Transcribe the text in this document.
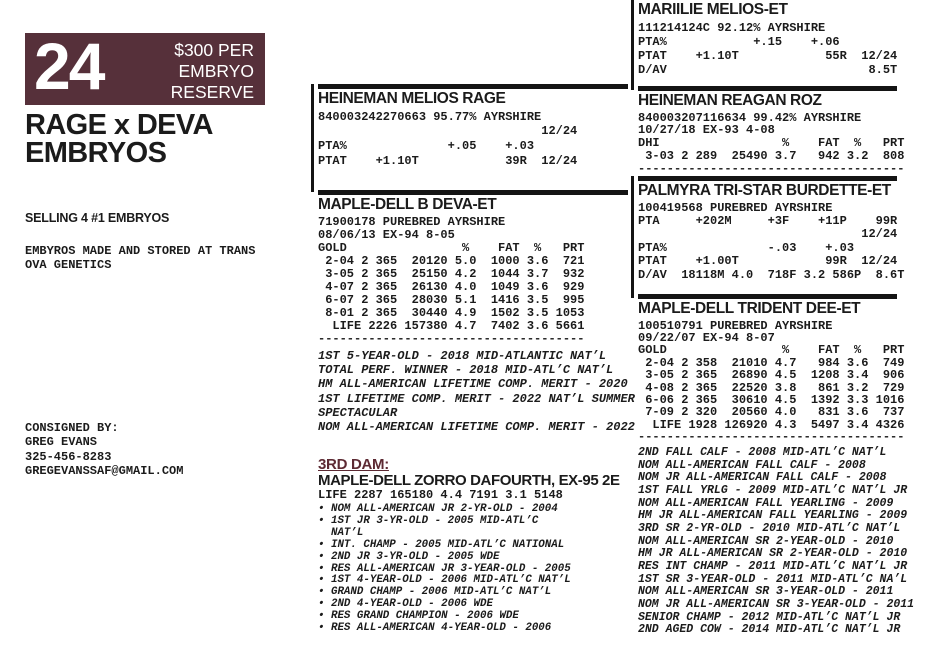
24	$300 PER
EMBRYO
RESERVE
RAGE x DEVA
EMBRYOS
SELLING 4 #1 EMBRYOS
EMBYROS MADE AND STORED AT TRANS
OVA GENETICS
CONSIGNED BY:
GREG EVANS
325-456-8283
GREGEVANSSAF@GMAIL.COM
HEINEMAN MELIOS RAGE
840003242270663 95.77% AYRSHIRE
12/24
PTA%              +.05    +.03
PTAT    +1.10T            39R  12/24
MAPLE-DELL B DEVA-ET
71900178 PUREBRED AYRSHIRE
08/06/13 EX-94 8-05
GOLD                %    FAT  %   PRT
2-04 2 365  20120 5.0  1000 3.6  721
3-05 2 365  25150 4.2  1044 3.7  932
4-07 2 365  26130 4.0  1049 3.6  929
6-07 2 365  28030 5.1  1416 3.5  995
8-01 2 365  30440 4.9  1502 3.5 1053
LIFE 2226 157380 4.7  7402 3.6 5661
-------------------------------------
1ST 5-YEAR-OLD - 2018 MID-ATLANTIC NAT’L
TOTAL PERF. WINNER - 2018 MID-ATL’C NAT’L
HM ALL-AMERICAN LIFETIME COMP. MERIT - 2020
1ST LIFETIME COMP. MERIT - 2022 NAT’L SUMMER
SPECTACULAR
NOM ALL-AMERICAN LIFETIME COMP. MERIT - 2022
3RD DAM:
MAPLE-DELL ZORRO DAFOURTH, EX-95 2E
LIFE 2287 165180 4.4 7191 3.1 5148
• NOM ALL-AMERICAN JR 2-YR-OLD - 2004
• 1ST JR 3-YR-OLD - 2005 MID-ATL’C
NAT’L
• INT. CHAMP - 2005 MID-ATL’C NATIONAL
• 2ND JR 3-YR-OLD - 2005 WDE
• RES ALL-AMERICAN JR 3-YEAR-OLD - 2005
• 1ST 4-YEAR-OLD - 2006 MID-ATL’C NAT’L
• GRAND CHAMP - 2006 MID-ATL’C NAT’L
• 2ND 4-YEAR-OLD - 2006 WDE
• RES GRAND CHAMPION - 2006 WDE
• RES ALL-AMERICAN 4-YEAR-OLD - 2006
MARIILIE MELIOS-ET
111214124C 92.12% AYRSHIRE
PTA%            +.15    +.06
PTAT    +1.10T            55R  12/24
D/AV                            8.5T
HEINEMAN REAGAN ROZ
840003207116634 99.42% AYRSHIRE
10/27/18 EX-93 4-08
DHI                 %    FAT  %   PRT
3-03 2 289  25490 3.7   942 3.2  808
-------------------------------------
PALMYRA TRI-STAR BURDETTE-ET
100419568 PUREBRED AYRSHIRE
PTA     +202M     +3F    +11P    99R
12/24
PTA%              -.03    +.03
PTAT    +1.00T            99R  12/24
D/AV  18118M 4.0  718F 3.2 586P  8.6T
MAPLE-DELL TRIDENT DEE-ET
100510791 PUREBRED AYRSHIRE
09/22/07 EX-94 8-07
GOLD                %    FAT  %   PRT
2-04 2 358  21010 4.7   984 3.6  749
3-05 2 365  26890 4.5  1208 3.4  906
4-08 2 365  22520 3.8   861 3.2  729
6-06 2 365  30610 4.5  1392 3.3 1016
7-09 2 320  20560 4.0   831 3.6  737
LIFE 1928 126920 4.3  5497 3.4 4326
-------------------------------------
2ND FALL CALF - 2008 MID-ATL’C NAT’L
NOM ALL-AMERICAN FALL CALF - 2008
NOM JR ALL-AMERICAN FALL CALF - 2008
1ST FALL YRLG - 2009 MID-ATL’C NAT’L JR
NOM ALL-AMERICAN FALL YEARLING - 2009
HM JR ALL-AMERICAN FALL YEARLING - 2009
3RD SR 2-YR-OLD - 2010 MID-ATL’C NAT’L
NOM ALL-AMERICAN SR 2-YEAR-OLD - 2010
HM JR ALL-AMERICAN SR 2-YEAR-OLD - 2010
RES INT CHAMP - 2011 MID-ATL’C NAT’L JR
1ST SR 3-YEAR-OLD - 2011 MID-ATL’C NA’L
NOM ALL-AMERICAN SR 3-YEAR-OLD - 2011
NOM JR ALL-AMERICAN SR 3-YEAR-OLD - 2011
SENIOR CHAMP - 2012 MID-ATL’C NAT’L JR
2ND AGED COW - 2014 MID-ATL’C NAT’L JR
